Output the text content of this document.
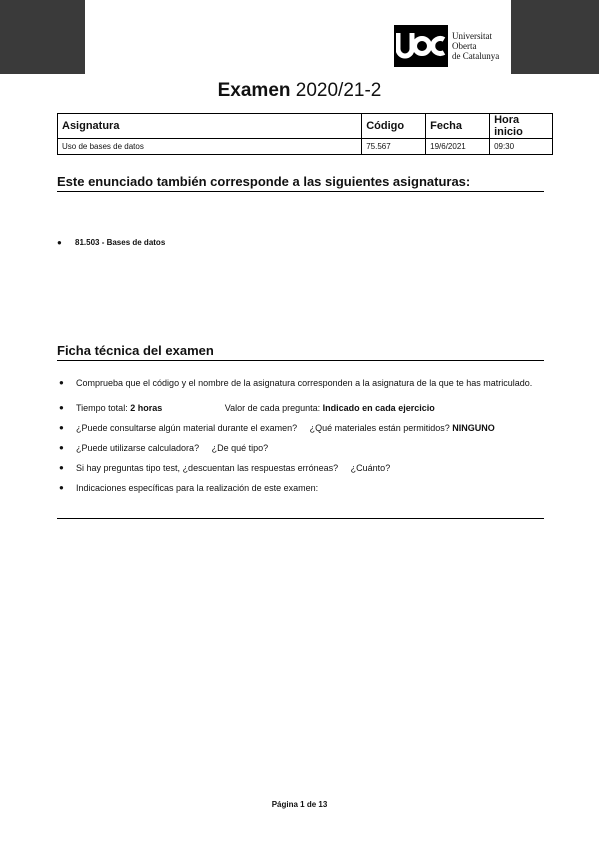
Universitat
Oberta
de Catalunya
Examen 2020/21-2
Asignatura	Código	Fecha	Hora inicio
Uso de bases de datos	75.567	19/6/2021	09:30
Este enunciado también corresponde a las siguientes asignaturas:
●	81.503 - Bases de datos
Ficha técnica del examen
●	Comprueba que el código y el nombre de la asignatura corresponden a la asignatura de la que te has matriculado.
●	Tiempo total: 2 horas	Valor de cada pregunta: Indicado en cada ejercicio
●	¿Puede consultarse algún material durante el examen? ¿Qué materiales están permitidos? NINGUNO
●	¿Puede utilizarse calculadora? ¿De qué tipo?
●	Si hay preguntas tipo test, ¿descuentan las respuestas erróneas? ¿Cuánto?
●	Indicaciones específicas para la realización de este examen:
Página 1 de 13
